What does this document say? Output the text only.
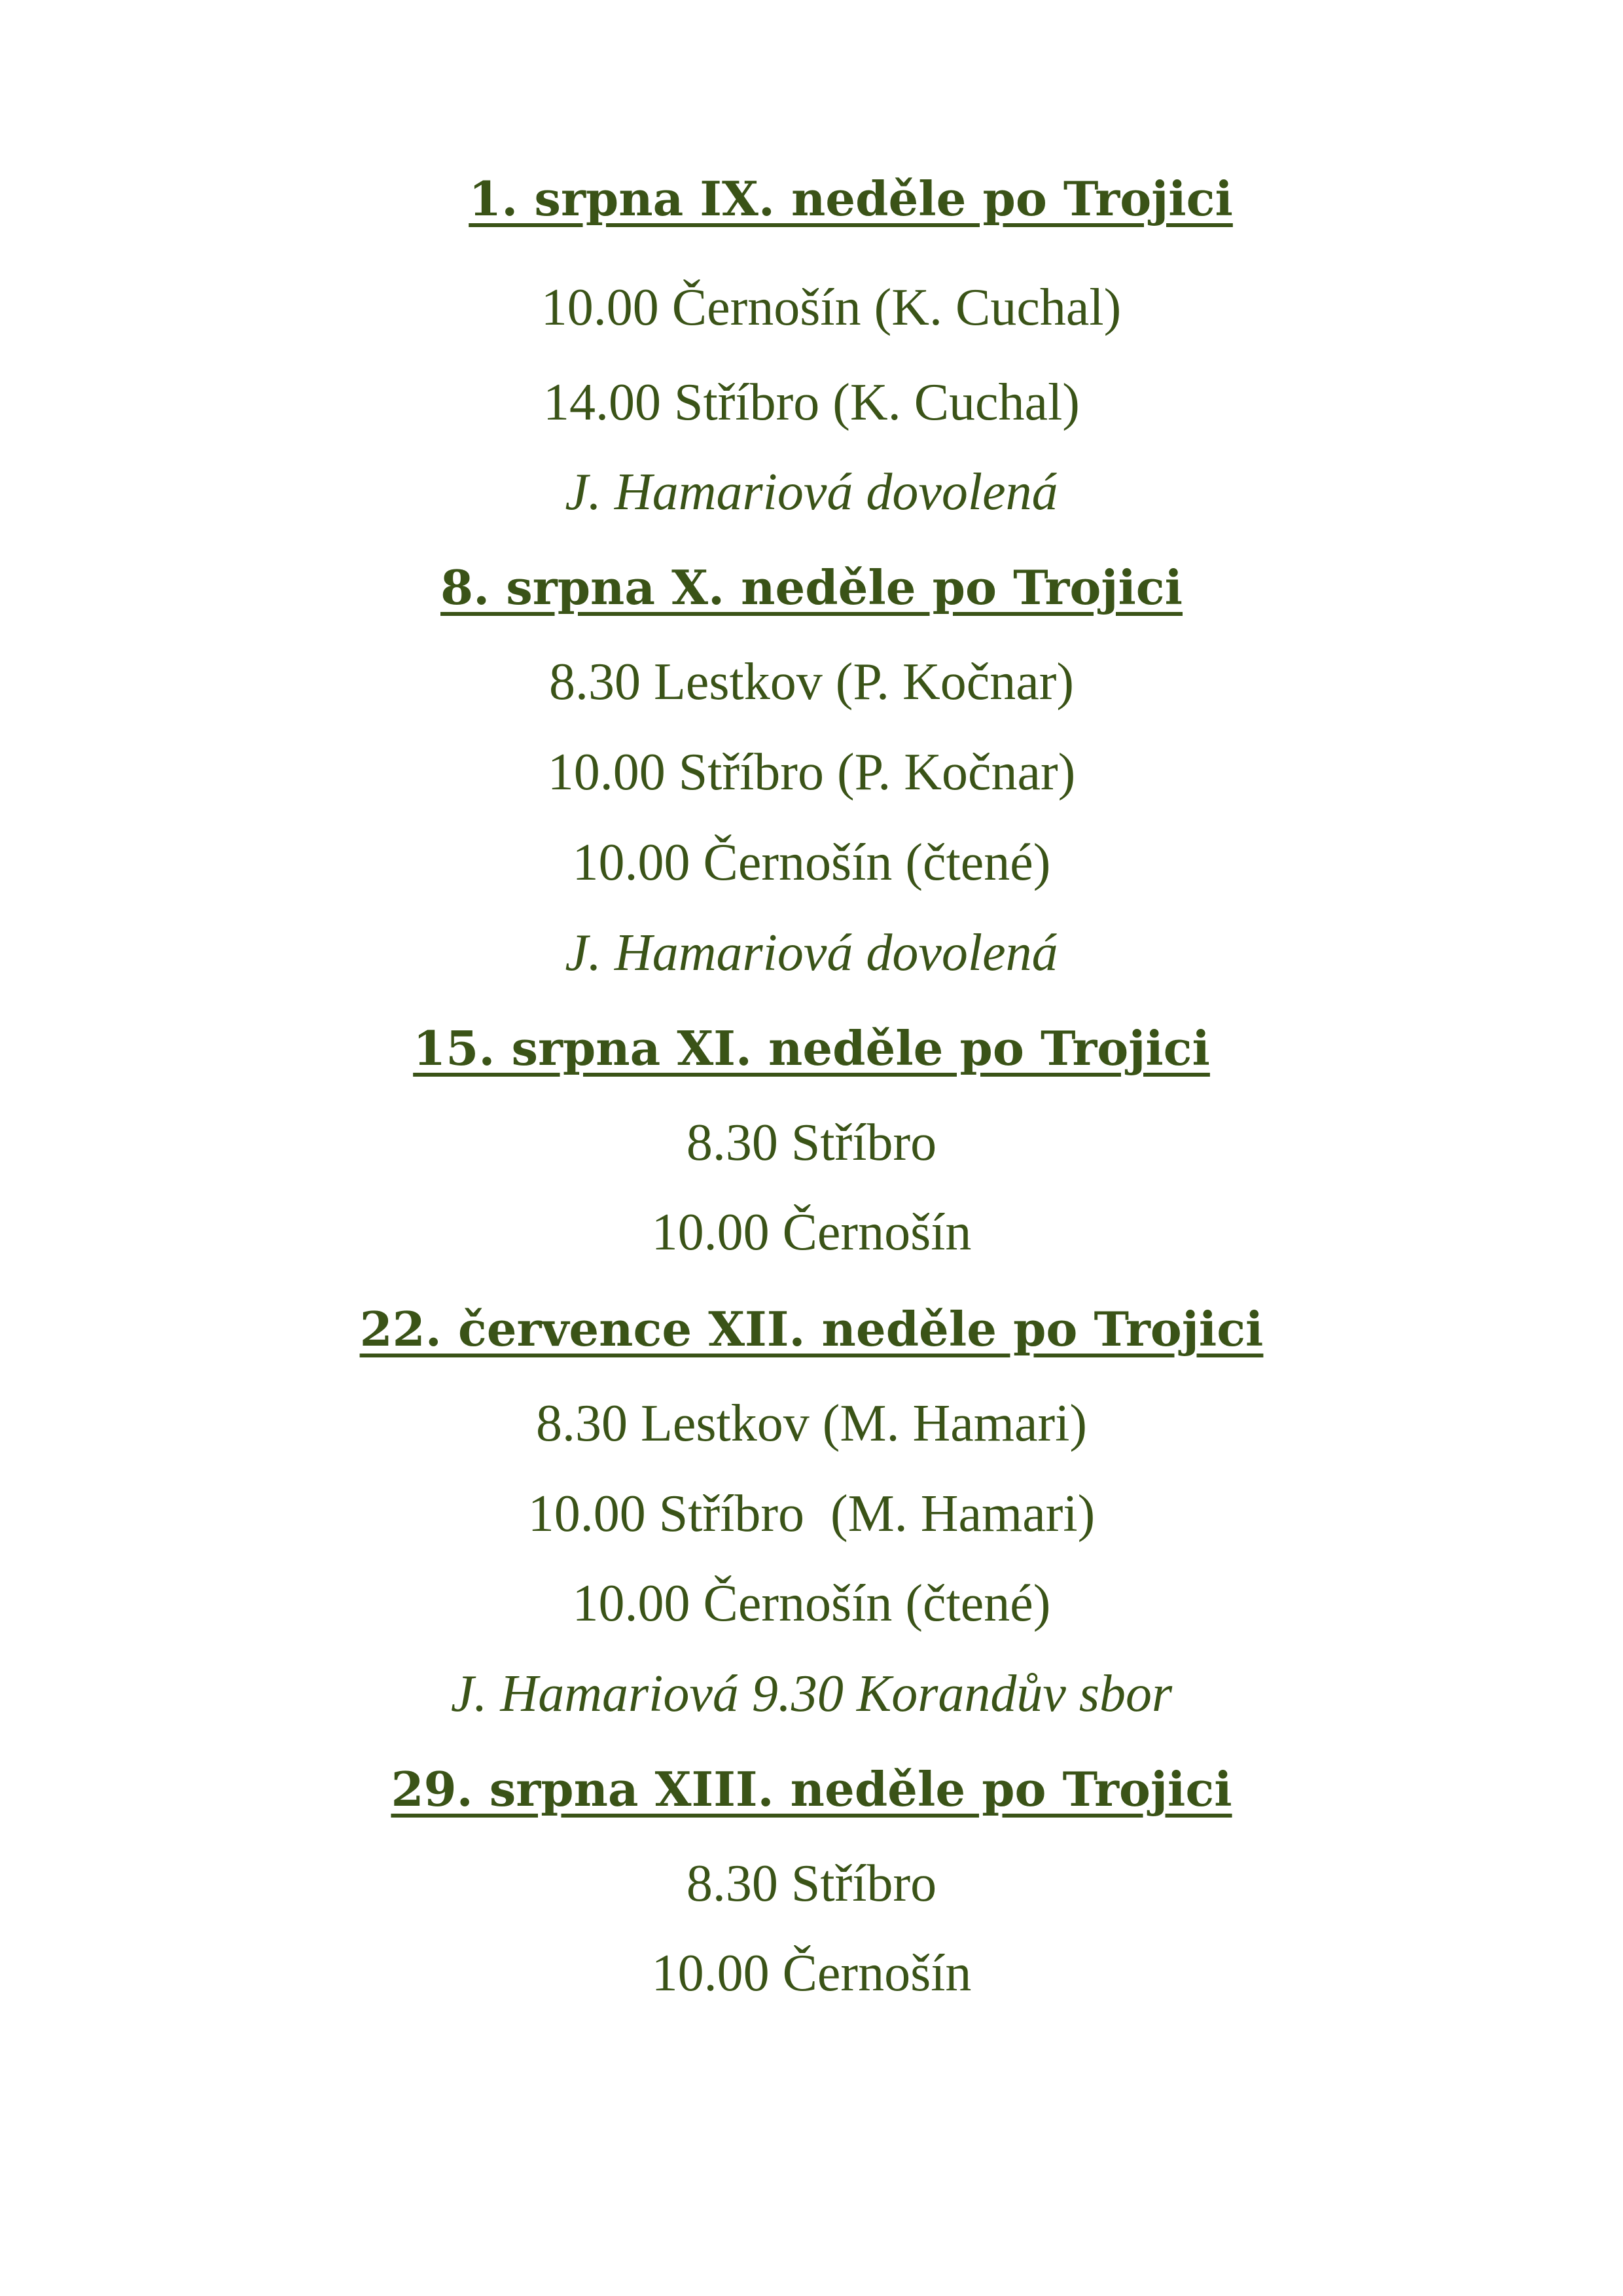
1. srpna IX. neděle po Trojici
10.00 Černošín (K. Cuchal)
14.00 Stříbro (K. Cuchal)
J. Hamariová dovolená
8. srpna X. neděle po Trojici
8.30 Lestkov (P. Kočnar)
10.00 Stříbro (P. Kočnar)
10.00 Černošín (čtené)
J. Hamariová dovolená
15. srpna XI. neděle po Trojici
8.30 Stříbro
10.00 Černošín
22. července XII. neděle po Trojici
8.30 Lestkov (M. Hamari)
10.00 Stříbro  (M. Hamari)
10.00 Černošín (čtené)
J. Hamariová 9.30 Korandův sbor
29. srpna XIII. neděle po Trojici
8.30 Stříbro
10.00 Černošín
